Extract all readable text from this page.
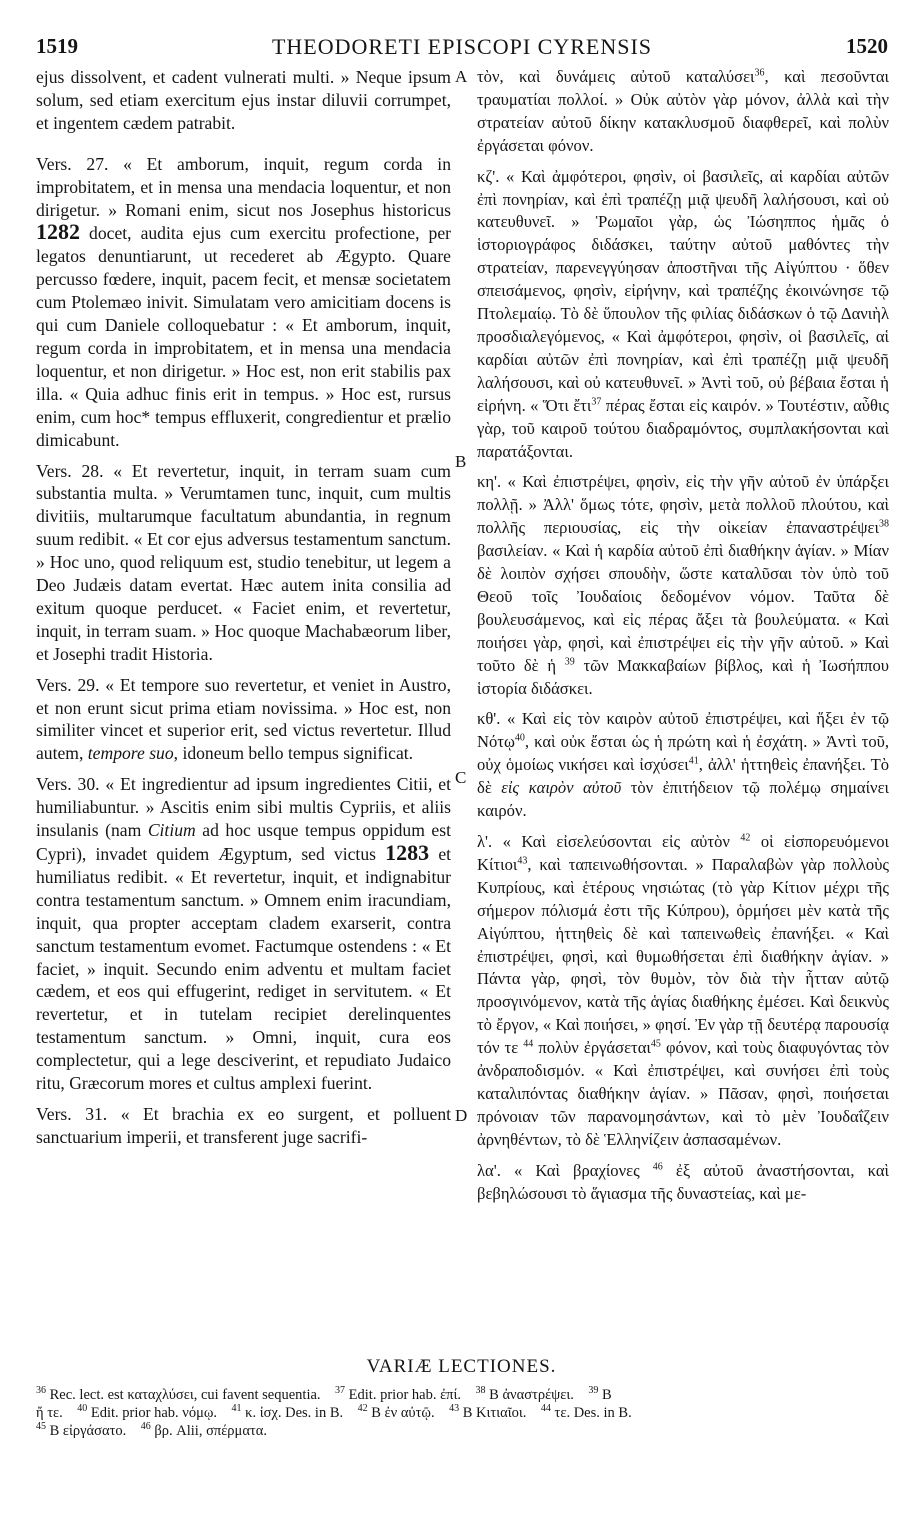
1519	THEODORETI EPISCOPI CYRENSIS	1520
A
B
C
D

ejus dissolvent, et cadent vulnerati multi. » Neque ipsum solum, sed etiam exercitum ejus instar diluvii corrumpet, et ingentem cædem patrabit.

Vers. 27. « Et amborum, inquit, regum corda in improbitatem, et in mensa una mendacia loquentur, et non dirigetur. » Romani enim, sicut nos Josephus historicus 1282 docet, audita ejus cum exercitu profectione, per legatos denuntiarunt, ut recederet ab Ægypto. Quare percusso fœdere, inquit, pacem fecit, et mensæ societatem cum Ptolemæo inivit. Simulatam vero amicitiam docens is qui cum Daniele colloquebatur : « Et amborum, inquit, regum corda in improbitatem, et in mensa una mendacia loquentur, et non dirigetur. » Hoc est, non erit stabilis pax illa. « Quia adhuc finis erit in tempus. » Hoc est, rursus enim, cum hoc* tempus effluxerit, congredientur et prælio dimicabunt.

Vers. 28. « Et revertetur, inquit, in terram suam cum substantia multa. » Verumtamen tunc, inquit, cum multis divitiis, multarumque facultatum abundantia, in regnum suum redibit. « Et cor ejus adversus testamentum sanctum. » Hoc uno, quod reliquum est, studio tenebitur, ut legem a Deo Judæis datam evertat. Hæc autem inita consilia ad exitum quoque perducet. « Faciet enim, et revertetur, inquit, in terram suam. » Hoc quoque Machabæorum liber, et Josephi tradit Historia.

Vers. 29. « Et tempore suo revertetur, et veniet in Austro, et non erunt sicut prima etiam novissima. » Hoc est, non similiter vincet et superior erit, sed victus revertetur. Illud autem, tempore suo, idoneum bello tempus significat.

Vers. 30. « Et ingredientur ad ipsum ingredientes Citii, et humiliabuntur. » Ascitis enim sibi multis Cypriis, et aliis insulanis (nam Citium ad hoc usque tempus oppidum est Cypri), invadet quidem Ægyptum, sed victus 1283 et humiliatus redibit. « Et revertetur, inquit, et indignabitur contra testamentum sanctum. » Omnem enim iracundiam, inquit, qua propter acceptam cladem exarserit, contra sanctum testamentum evomet. Factumque ostendens : « Et faciet, » inquit. Secundo enim adventu et multam faciet cædem, et eos qui effugerint, rediget in servitutem. « Et revertetur, et in tutelam recipiet derelinquentes testamentum sanctum. » Omni, inquit, cura eos complectetur, qui a lege desciverint, et repudiato Judaico ritu, Græcorum mores et cultus amplexi fuerint.

Vers. 31. « Et brachia ex eo surgent, et polluent sanctuarium imperii, et transferent juge sacrifi-

τὸν, καὶ δυνάμεις αὐτοῦ καταλύσει$^{36}$, καὶ πεσοῦνται τραυματίαι πολλοί. » Οὐκ αὐτὸν γὰρ μόνον, ἀλλὰ καὶ τὴν στρατείαν αὐτοῦ δίκην κατακλυσμοῦ διαφθερεῖ, καὶ πολὺν ἐργάσεται φόνον.

κζ'. « Καὶ ἀμφότεροι, φησὶν, οἱ βασιλεῖς, αἱ καρδίαι αὐτῶν ἐπὶ πονηρίαν, καὶ ἐπὶ τραπέζῃ μιᾷ ψευδῆ λαλήσουσι, καὶ οὐ κατευθυνεῖ. » Ῥωμαῖοι γὰρ, ὡς Ἰώσηππος ἡμᾶς ὁ ἱστοριογράφος διδάσκει, ταύτην αὐτοῦ μαθόντες τὴν στρατείαν, παρενεγγύησαν ἀποστῆναι τῆς Αἰγύπτου · ὅθεν σπεισάμενος, φησὶν, εἰρήνην, καὶ τραπέζης ἐκοινώνησε τῷ Πτολεμαίῳ. Τὸ δὲ ὕπουλον τῆς φιλίας διδάσκων ὁ τῷ Δανιὴλ προσδιαλεγόμενος, « Καὶ ἀμφότεροι, φησὶν, οἱ βασιλεῖς, αἱ καρδίαι αὐτῶν ἐπὶ πονηρίαν, καὶ ἐπὶ τραπέζῃ μιᾷ ψευδῆ λαλήσουσι, καὶ οὐ κατευθυνεῖ. » Ἀντὶ τοῦ, οὐ βέβαια ἔσται ἡ εἰρήνη. « Ὅτι ἔτι$^{37}$ πέρας ἔσται εἰς καιρόν. » Τουτέστιν, αὖθις γὰρ, τοῦ καιροῦ τούτου διαδραμόντος, συμπλακήσονται καὶ παρατάξονται.

κη'. « Καὶ ἐπιστρέψει, φησὶν, εἰς τὴν γῆν αὐτοῦ ἐν ὑπάρξει πολλῇ. » Ἀλλ' ὅμως τότε, φησὶν, μετὰ πολλοῦ πλούτου, καὶ πολλῆς περιουσίας, εἰς τὴν οἰκείαν ἐπαναστρέψει$^{38}$ βασιλείαν. « Καὶ ἡ καρδία αὐτοῦ ἐπὶ διαθήκην ἁγίαν. » Μίαν δὲ λοιπὸν σχήσει σπουδὴν, ὥστε καταλῦσαι τὸν ὑπὸ τοῦ Θεοῦ τοῖς Ἰουδαίοις δεδομένον νόμον. Ταῦτα δὲ βουλευσάμενος, καὶ εἰς πέρας ἄξει τὰ βουλεύματα. « Καὶ ποιήσει γὰρ, φησὶ, καὶ ἐπιστρέψει εἰς τὴν γῆν αὐτοῦ. » Καὶ τοῦτο δὲ ἡ $^{39}$ τῶν Μακκαβαίων βίβλος, καὶ ἡ Ἰωσήππου ἱστορία διδάσκει.

κθ'. « Καὶ εἰς τὸν καιρὸν αὐτοῦ ἐπιστρέψει, καὶ ἥξει ἐν τῷ Νότῳ$^{40}$, καὶ οὐκ ἔσται ὡς ἡ πρώτη καὶ ἡ ἐσχάτη. » Ἀντὶ τοῦ, οὐχ ὁμοίως νικήσει καὶ ἰσχύσει$^{41}$, ἀλλ' ἡττηθεὶς ἐπανήξει. Τὸ δὲ εἰς καιρὸν αὐτοῦ τὸν ἐπιτήδειον τῷ πολέμῳ σημαίνει καιρόν.

λ'. « Καὶ εἰσελεύσονται εἰς αὐτὸν $^{42}$ οἱ εἰσπορευόμενοι Κίτιοι$^{43}$, καὶ ταπεινωθήσονται. » Παραλαβὼν γὰρ πολλοὺς Κυπρίους, καὶ ἑτέρους νησιώτας (τὸ γὰρ Κίτιον μέχρι τῆς σήμερον πόλισμά ἐστι τῆς Κύπρου), ὁρμήσει μὲν κατὰ τῆς Αἰγύπτου, ἡττηθεὶς δὲ καὶ ταπεινωθεὶς ἐπανήξει. « Καὶ ἐπιστρέψει, φησὶ, καὶ θυμωθήσεται ἐπὶ διαθήκην ἁγίαν. » Πάντα γὰρ, φησὶ, τὸν θυμὸν, τὸν διὰ τὴν ἧτταν αὐτῷ προσγινόμενον, κατὰ τῆς ἁγίας διαθήκης ἐμέσει. Καὶ δεικνὺς τὸ ἔργον, « Καὶ ποιήσει, » φησί. Ἐν γὰρ τῇ δευτέρᾳ παρουσίᾳ τόν τε $^{44}$ πολὺν ἐργάσεται$^{45}$ φόνον, καὶ τοὺς διαφυγόντας τὸν ἀνδραποδισμόν. « Καὶ ἐπιστρέψει, καὶ συνήσει ἐπὶ τοὺς καταλιπόντας διαθήκην ἁγίαν. » Πᾶσαν, φησὶ, ποιήσεται πρόνοιαν τῶν παρανομησάντων, καὶ τὸ μὲν Ἰουδαΐζειν ἀρνηθέντων, τὸ δὲ Ἑλληνίζειν ἀσπασαμένων.

λα'. « Καὶ βραχίονες $^{46}$ ἐξ αὐτοῦ ἀναστήσονται, καὶ βεβηλώσουσι τὸ ἅγιασμα τῆς δυναστείας, καὶ με-

VARIÆ LECTIONES.

$^{36}$ Rec. lect. est καταχλύσει, cui favent sequentia. $^{37}$ Edit. prior hab. ἐπί. $^{38}$ B ἀναστρέψει. $^{39}$ B

ἤ τε. $^{40}$ Edit. prior hab. νόμῳ. $^{41}$ κ. ἰσχ. Des. in B. $^{42}$ B ἐν αὐτῷ. $^{43}$ B Κιτιαῖοι. $^{44}$ τε. Des. in B.

$^{45}$ B εἰργάσατο. $^{46}$ βρ. Alii, σπέρματα.
